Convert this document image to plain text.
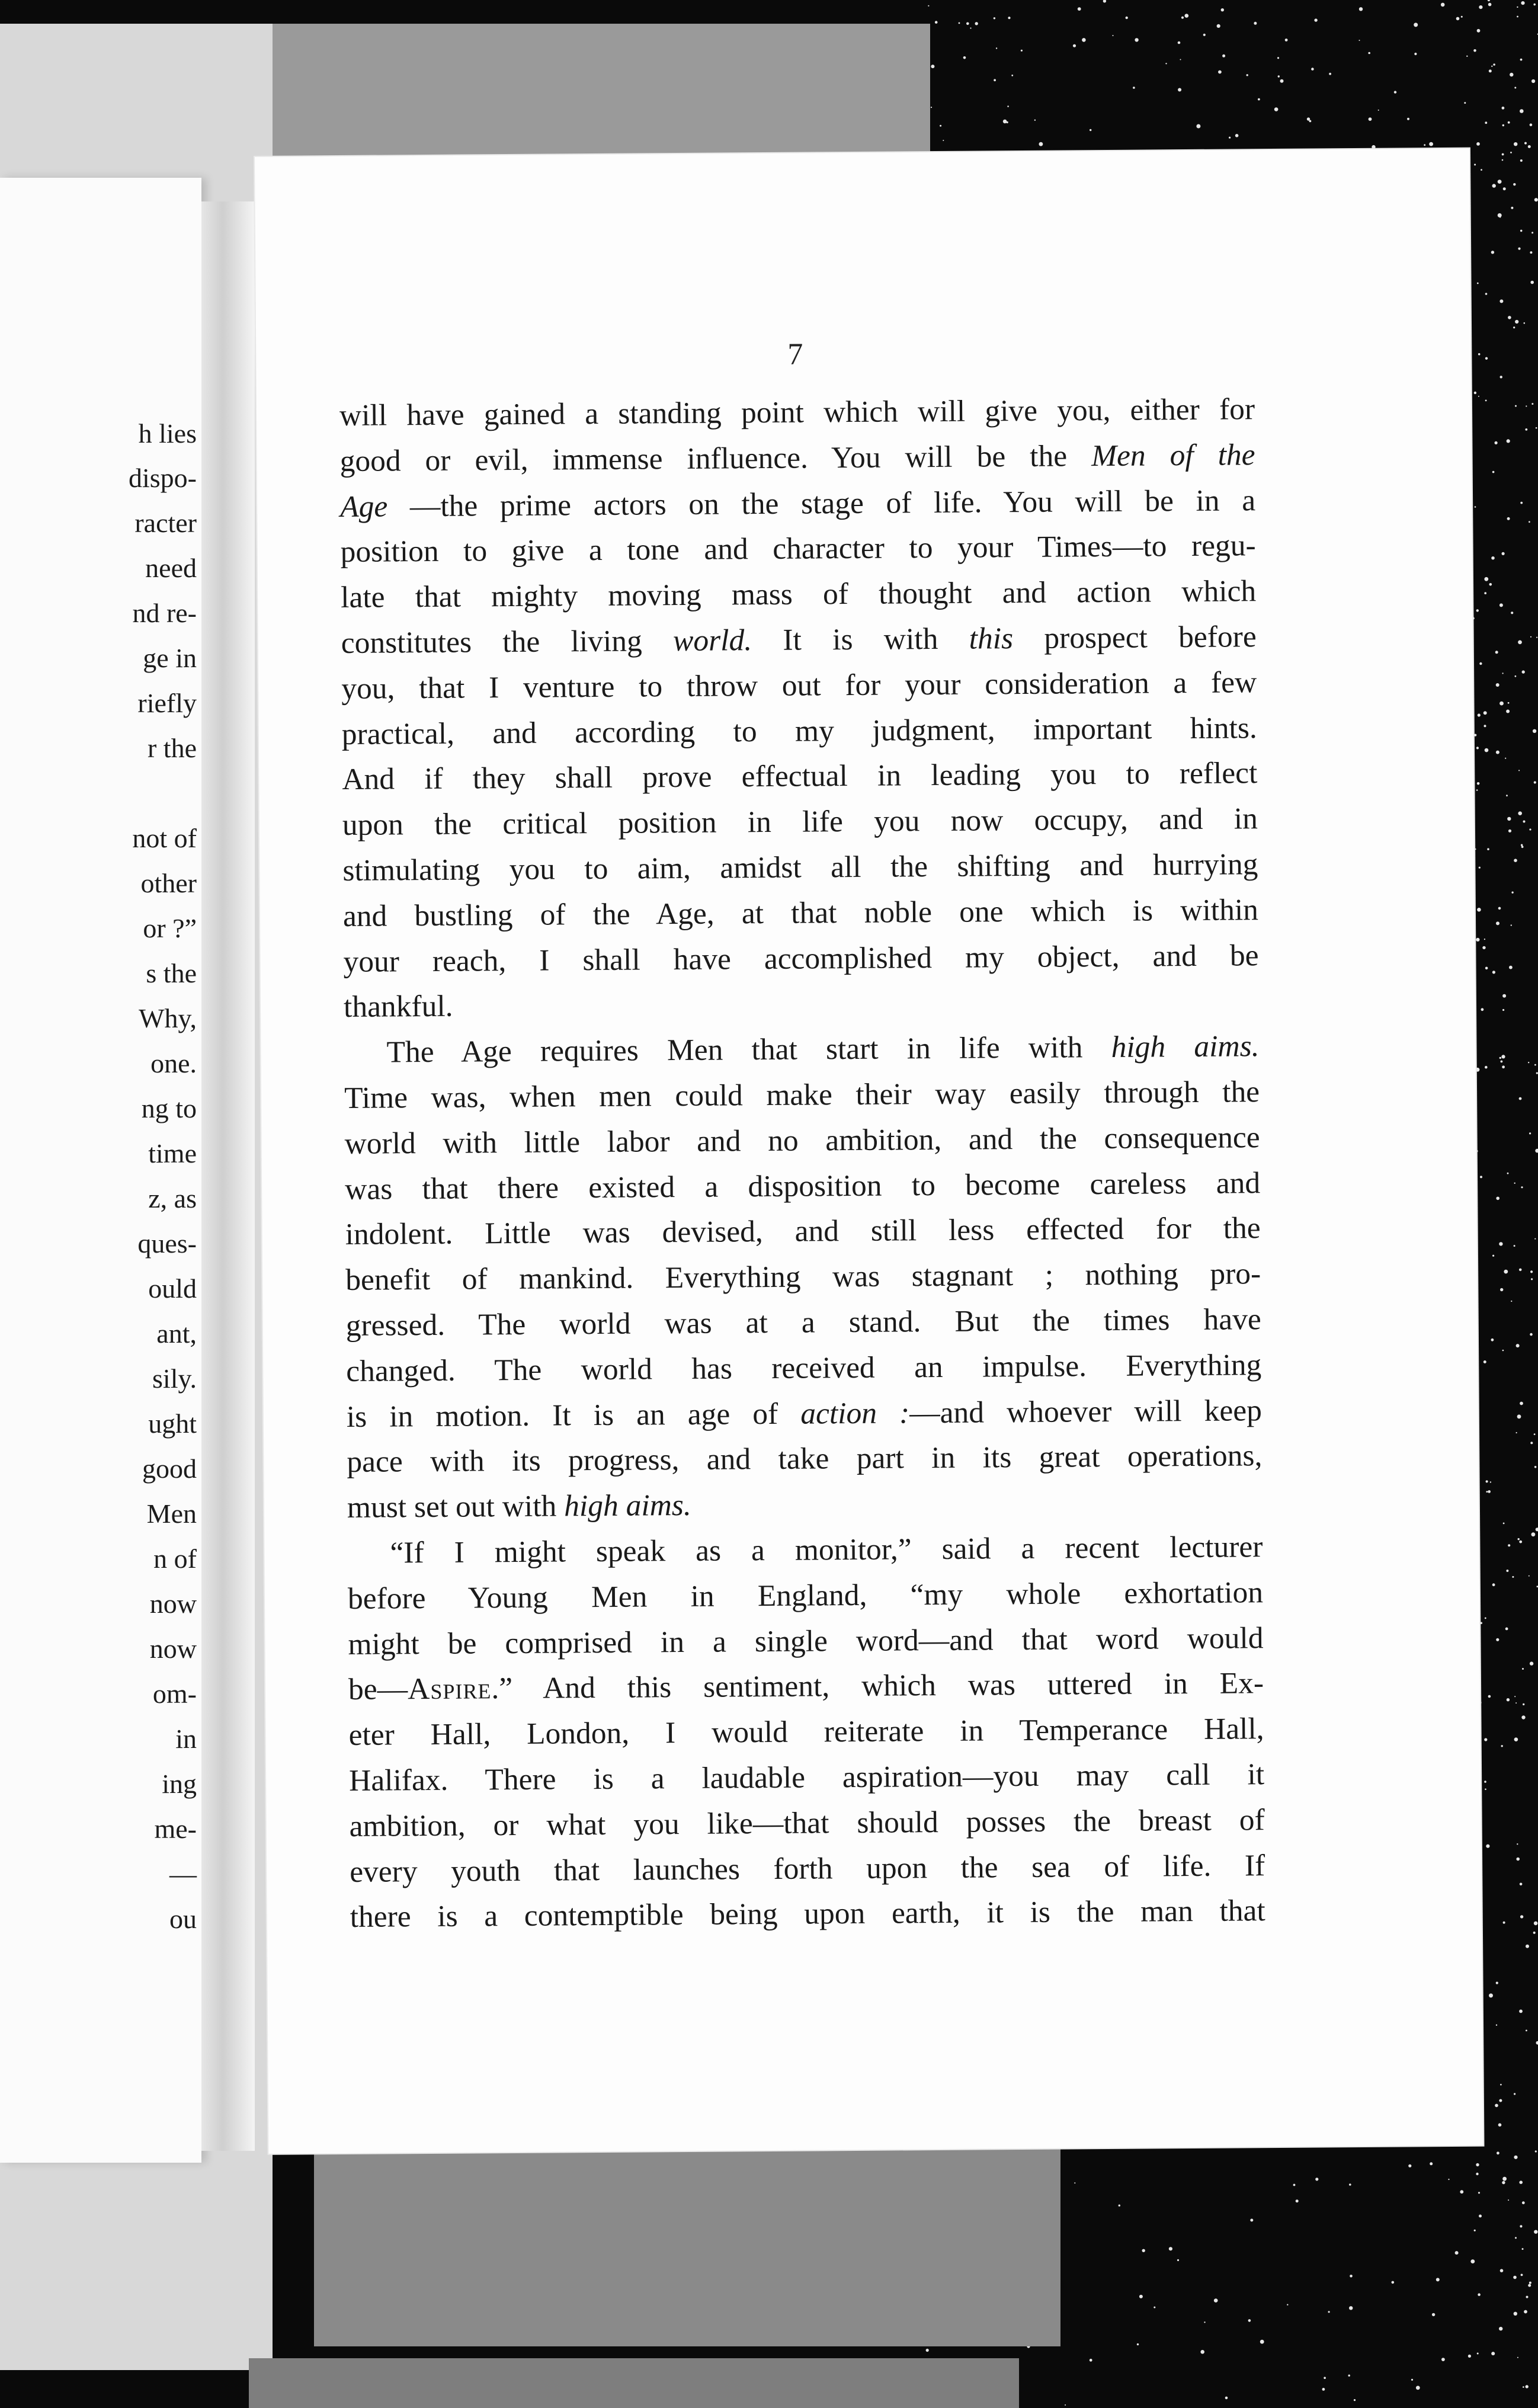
h lies
dispo-
racter
need
nd re-
ge in
riefly
r the
not of
other
or ?”
s the
Why,
one.
ng to
time
z, as
ques-
ould
ant,
sily.
ught
good
Men
n of
now
now
om-
in
ing
me-
—
ou
7
will have gained a standing point which will give you, either for
good or evil, immense influence. You will be the Men of the
Age —the prime actors on the stage of life. You will be in a
position to give a tone and character to your Times—to regu-
late that mighty moving mass of thought and action which
constitutes the living world. It is with this prospect before
you, that I venture to throw out for your consideration a few
practical, and according to my judgment, important hints.
And if they shall prove effectual in leading you to reflect
upon the critical position in life you now occupy, and in
stimulating you to aim, amidst all the shifting and hurrying
and bustling of the Age, at that noble one which is within
your reach, I shall have accomplished my object, and be
thankful.
The Age requires Men that start in life with high aims.
Time was, when men could make their way easily through the
world with little labor and no ambition, and the consequence
was that there existed a disposition to become careless and
indolent. Little was devised, and still less effected for the
benefit of mankind. Everything was stagnant ; nothing pro-
gressed. The world was at a stand. But the times have
changed. The world has received an impulse. Everything
is in motion. It is an age of action :—and whoever will keep
pace with its progress, and take part in its great operations,
must set out with high aims.
“If I might speak as a monitor,” said a recent lecturer
before Young Men in England, “my whole exhortation
might be comprised in a single word—and that word would
be—Aspire.” And this sentiment, which was uttered in Ex-
eter Hall, London, I would reiterate in Temperance Hall,
Halifax. There is a laudable aspiration—you may call it
ambition, or what you like—that should posses the breast of
every youth that launches forth upon the sea of life. If
there is a contemptible being upon earth, it is the man that
